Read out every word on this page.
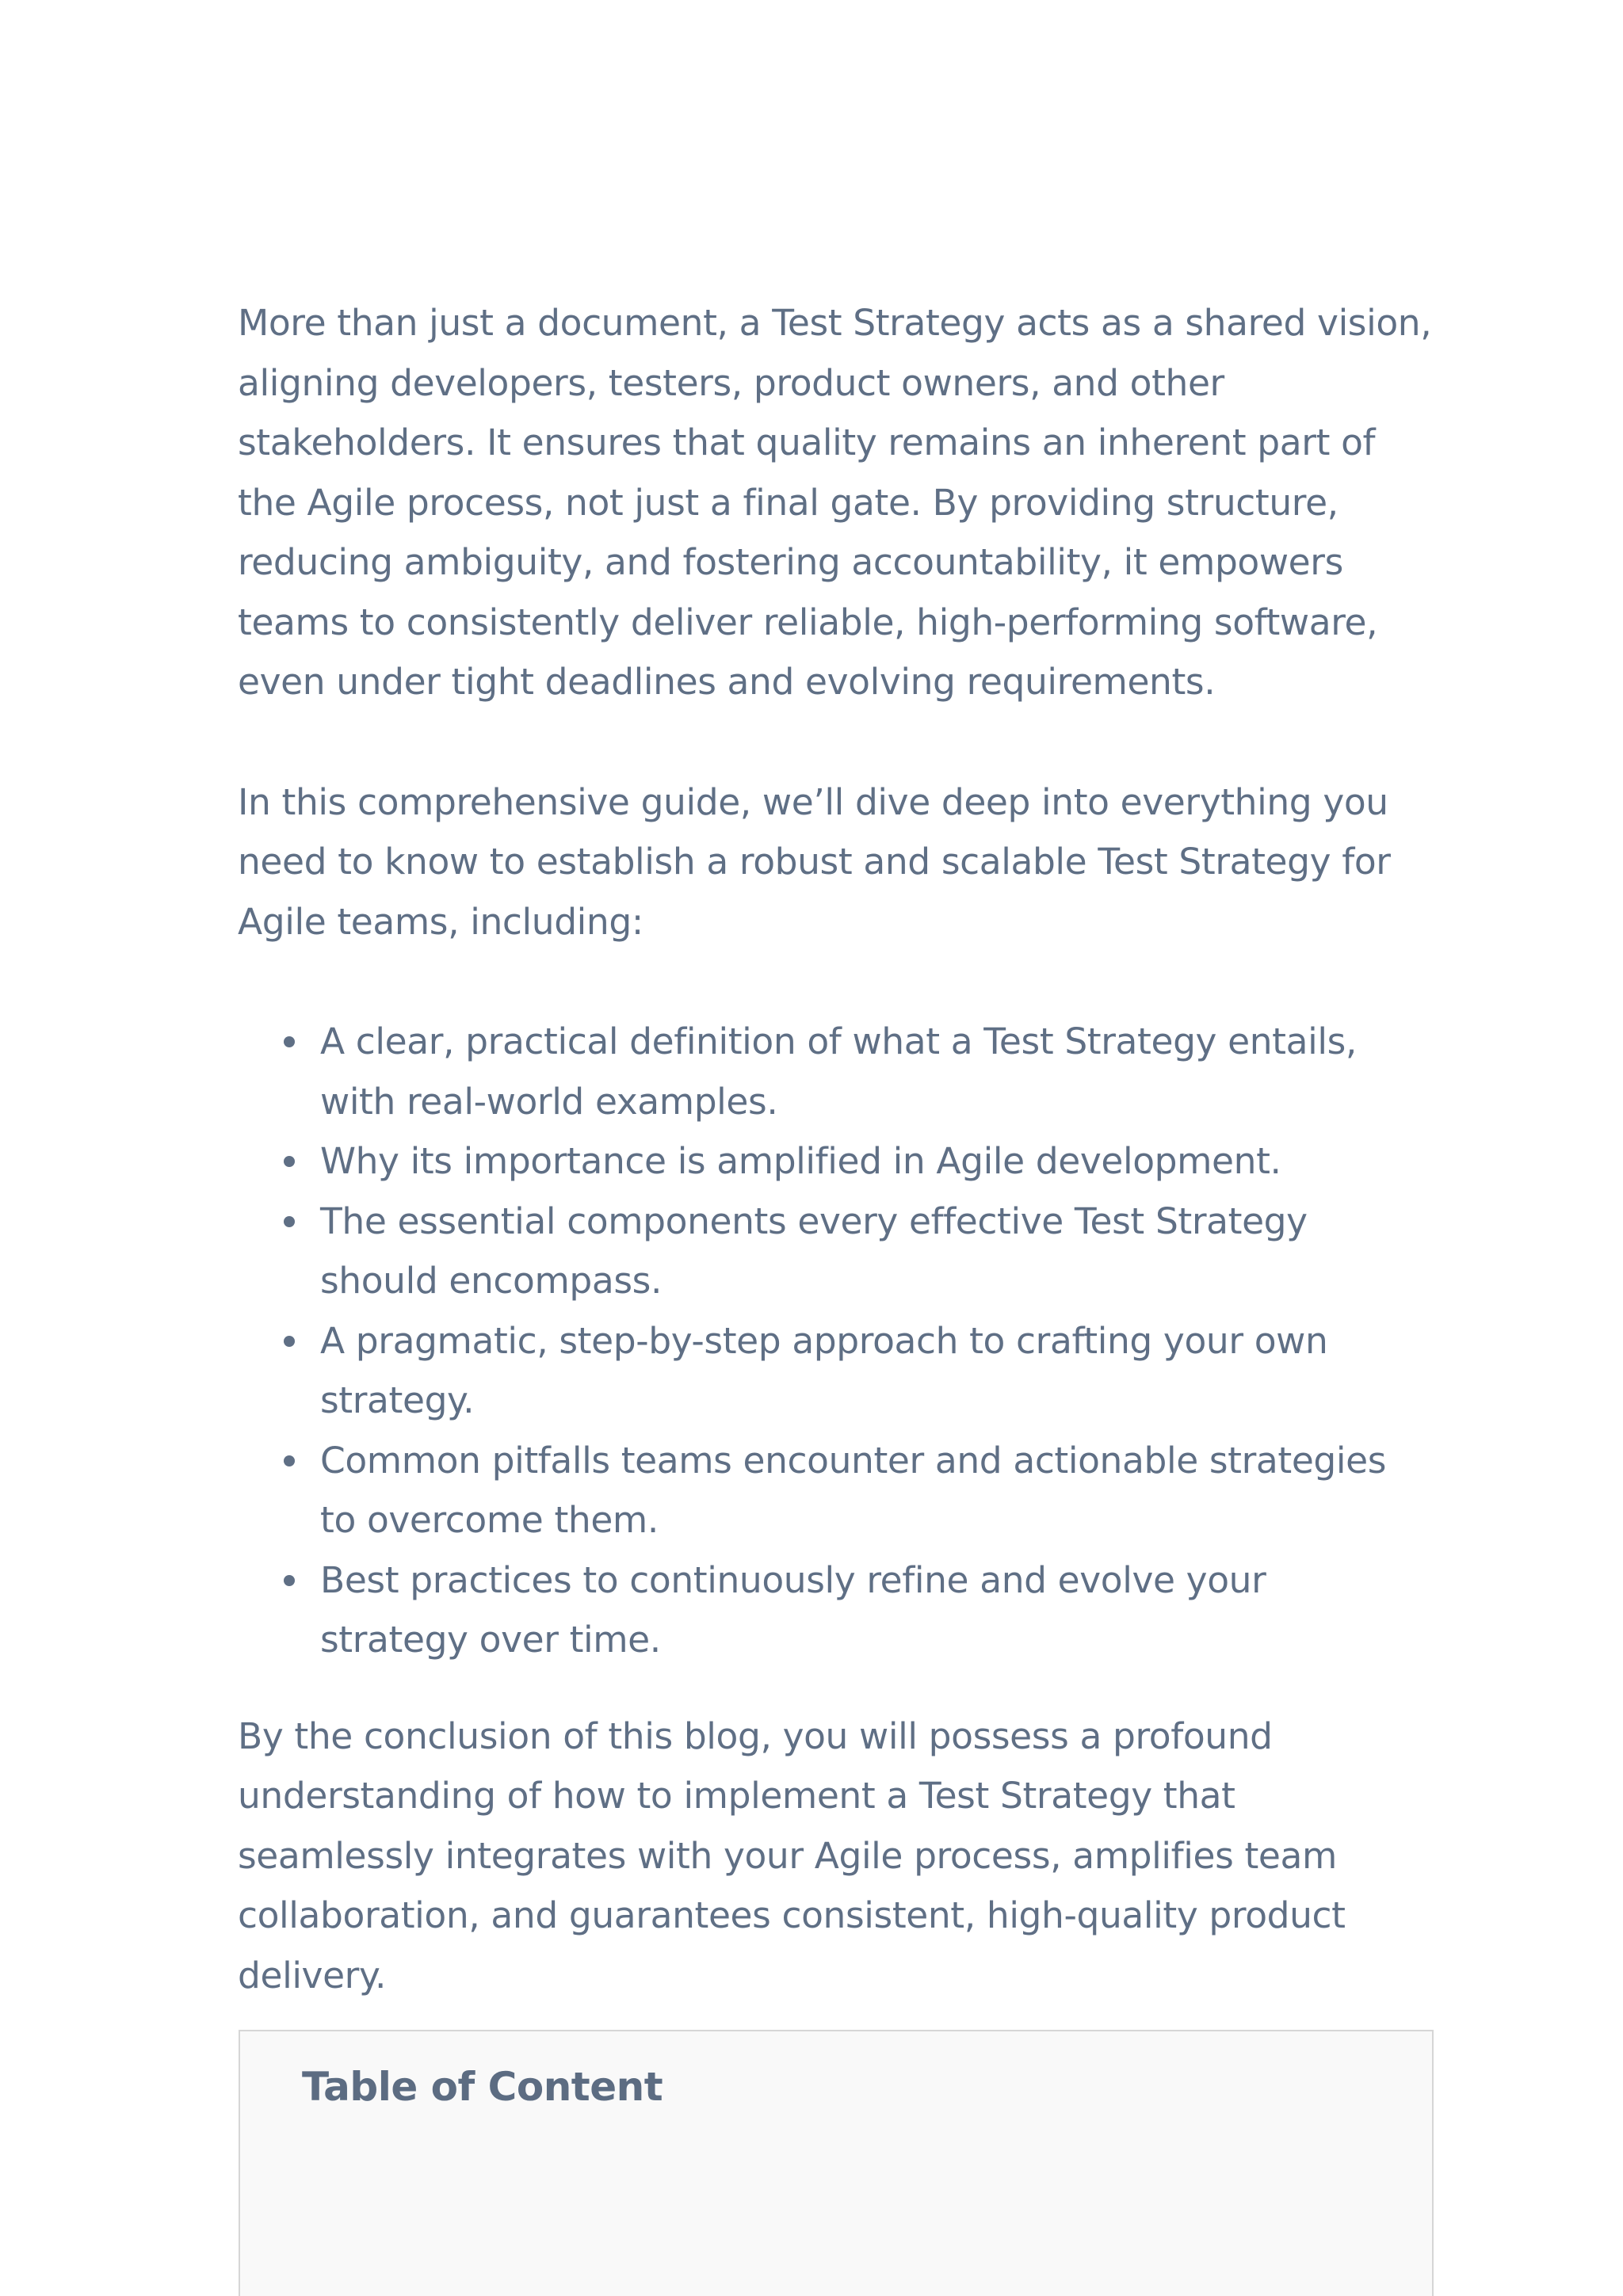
More than just a document, a Test Strategy acts as a shared vision, aligning developers, testers, product owners, and other stakeholders. It ensures that quality remains an inherent part of the Agile process, not just a final gate. By providing structure, reducing ambiguity, and fostering accountability, it empowers teams to consistently deliver reliable, high-performing software, even under tight deadlines and evolving requirements.

In this comprehensive guide, we’ll dive deep into everything you need to know to establish a robust and scalable Test Strategy for Agile teams, including:

A clear, practical definition of what a Test Strategy entails, with real-world examples.
Why its importance is amplified in Agile development.
The essential components every effective Test Strategy should encompass.
A pragmatic, step-by-step approach to crafting your own strategy.
Common pitfalls teams encounter and actionable strategies to overcome them.
Best practices to continuously refine and evolve your strategy over time.

By the conclusion of this blog, you will possess a profound understanding of how to implement a Test Strategy that seamlessly integrates with your Agile process, amplifies team collaboration, and guarantees consistent, high-quality product delivery.

Table of Content
